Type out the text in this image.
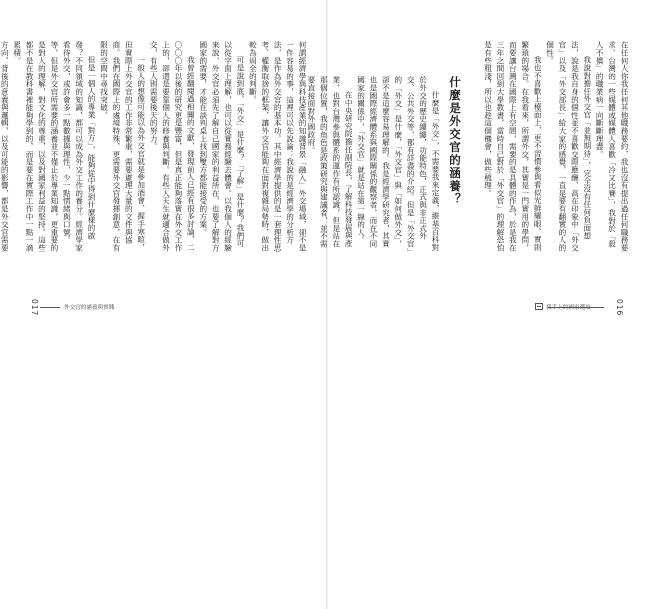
在任何人你我任何其他職務要約，我也沒有提出過任何職務要求。台灣的一些媒體或媒體人喜歡「冷又比賽」，我對於「殺人不償」的職業病一向斷斷理盡。

我說對擔任外交官「並無期待」，完全沒有任何負面想法，說是我自身的個性並不喜歡交際應酬、高在印象中「外交官」以及「外交部長」給大家的感覺，一直是要有翻實的人的個性。

我也不喜歡上檯面上，更不習慣參與看似光鮮耀眼、實則繁瑣的場合。在我看來，所謂外交，其實是一門實用的學問，而要讓台灣在國際上有空間，需要的是具體的作為，於是我在三年之間回到大學教書，當時自己對於「外交官」的理解恐怕是有些粗淺，所以也趁這個機會，做些梳理。

什麼是外交官的涵養？

什麼是「外交」，不需要我來定義，維基百科對於外交的歷史縷縷，功能特色，正式與非正式外交、公共外交等，都有詳盡的介紹。但是「外交官」的「外交」是什麼，「外交官」與「如何做外交」，卻不是這麼容易理解的。我是經濟學研究者，其實也是國際經濟體系與國際關係的觀察者，而在不同國家的關係中，「外交官」就是站在第一線的人。

在中央研究院擔任副院長，了解科技發展與產業，也對台灣參與體系的運作有所認識，但是站在那個位置，我的角色是政策研究與建議者，並不需要直接面對外國政府。

我手上的國家選項	016

何謂經濟學與科技產業的知識背景「融入」外交場域，卻不是一件容易的事，這裡可以先說論：我說的是經濟學的分析方法，是作為外交官的基本功。其中經濟學提供的是一套理性思考、權衡取捨的框架，讓外交官能夠在面對複雜局勢時，做出較為周全的判斷。

可是說到底，「外交」是什麼？「了解」是什麼？我們可以從字面上理解，也可以從實務經驗去體會。以我個人的經驗來說，外交官必須先了解自己國家的利益所在，也要了解對方國家的需要，才能在談判桌上找到雙方都能接受的方案。

我曾經翻閱過相關的文獻，發現前人已經有很多討論，二〇〇〇年以後的研究更是豐富，但是真正能夠落實在外交工作上的，卻還是要靠個人的修養與判斷。有些人天生就適合做外交，有些人則需要後天的努力。

一般人的想像可能以為外交官就是參加酒會、握手寒暄，但實際上外交官的工作非常繁重，需要處理大量的文件與協商。我們在國際上的處境特殊，更需要外交官發揮創意，在有限的空間中尋找突破。

但是一個人的專業「對方」，能夠從中得到什麼樣的啟發？不同領域的知識，都可以成為外交工作的養分。經濟學家看待外交，或許會多一點數據與理性，少一點情緒與口號。

等，但是外交官所需要的涵養並不僅止於專業知識，更重要的是對人的理解，對文化的尊重，以及對國家利益的堅持。這些都不是在教科書裡能夠學到的，而是要在實際工作中一點一滴累積。

方向、背後的意義與邏輯，以及可能的影響，都是外交官需要

017	外交官的涵養與實踐
